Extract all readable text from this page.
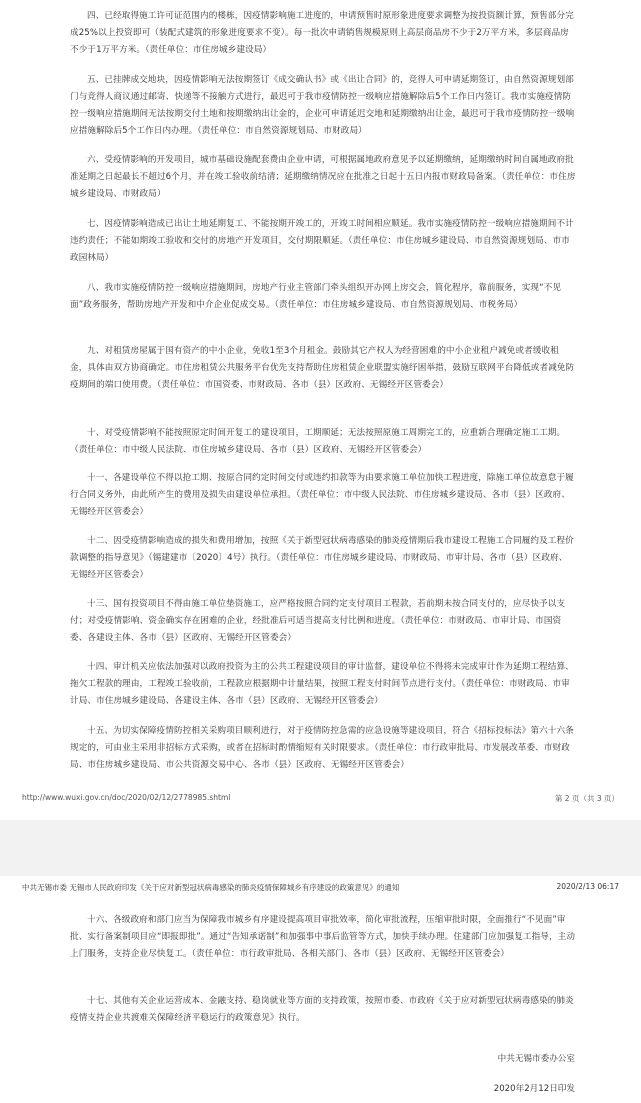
四、已经取得施工许可证范围内的楼栋，因疫情影响施工进度的，申请预售时原形象进度要求调整为按投资额计算，预售部分完成25%以上投资即可（装配式建筑的形象进度要求不变）。每一批次申请销售规模原则上高层商品房不少于2万平方米，多层商品房不少于1万平方米。（责任单位：市住房城乡建设局）
五、已挂牌成交地块，因疫情影响无法按期签订《成交确认书》或《出让合同》的，竞得人可申请延期签订，由自然资源规划部门与竞得人商议通过邮寄、快递等不接触方式进行，最迟可于我市疫情防控一级响应措施解除后5个工作日内签订。我市实施疫情防控一级响应措施期间无法按期交付土地和按期缴纳出让金的，企业可申请延迟交地和延期缴纳出让金，最迟可于我市疫情防控一级响应措施解除后5个工作日内办理。（责任单位：市自然资源规划局、市财政局）
六、受疫情影响的开发项目，城市基础设施配套费由企业申请，可根据属地政府意见予以延期缴纳，延期缴纳时间自属地政府批准延期之日起最长不超过6个月，并在竣工验收前结清；延期缴纳情况应在批准之日起十五日内报市财政局备案。（责任单位：市住房城乡建设局、市财政局）
七、因疫情影响造成已出让土地延期复工、不能按期开竣工的，开竣工时间相应顺延。我市实施疫情防控一级响应措施期间不计违约责任；不能如期竣工验收和交付的房地产开发项目，交付期限顺延。（责任单位：市住房城乡建设局、市自然资源规划局、市市政园林局）
八、我市实施疫情防控一级响应措施期间，房地产行业主管部门牵头组织开办网上房交会，简化程序，靠前服务，实现“不见面”政务服务，帮助房地产开发和中介企业促成交易。（责任单位：市住房城乡建设局、市自然资源规划局、市税务局）
九、对租赁房屋属于国有资产的中小企业，免收1至3个月租金。鼓励其它产权人为经营困难的中小企业租户减免或者缓收租金，具体由双方协商确定。市住房租赁公共服务平台优先支持帮助住房租赁企业联盟实施纾困举措，鼓励互联网平台降低或者减免防疫期间的端口使用费。（责任单位：市国资委、市财政局、各市（县）区政府、无锡经开区管委会）
十、对受疫情影响不能按照原定时间开复工的建设项目，工期顺延；无法按照原施工周期完工的，应重新合理确定施工工期。（责任单位：市中级人民法院、市住房城乡建设局、各市（县）区政府、无锡经开区管委会）
十一、各建设单位不得以抢工期、按原合同约定时间交付或违约扣款等为由要求施工单位加快工程进度，除施工单位故意怠于履行合同义务外，由此所产生的费用及损失由建设单位承担。（责任单位：市中级人民法院、市住房城乡建设局、各市（县）区政府、无锡经开区管委会）
十二、因受疫情影响造成的损失和费用增加，按照《关于新型冠状病毒感染的肺炎疫情期后我市建设工程施工合同履约及工程价款调整的指导意见》（锡建建市〔2020〕4号）执行。（责任单位：市住房城乡建设局、市财政局、市审计局、各市（县）区政府、无锡经开区管委会）
十三、国有投资项目不得由施工单位垫资施工，应严格按照合同约定支付项目工程款，若前期未按合同支付的，应尽快予以支付；对受疫情影响、资金确实存在困难的企业，经批准后可适当提高支付比例和进度。（责任单位：市财政局、市审计局、市国资委、各建设主体、各市（县）区政府、无锡经开区管委会）
十四、审计机关应依法加强对以政府投资为主的公共工程建设项目的审计监督，建设单位不得将未完成审计作为延期工程结算、拖欠工程款的理由，工程竣工验收前，工程款应根据期中计量结果，按照工程支付时间节点进行支付。（责任单位：市财政局、市审计局、市住房城乡建设局、各建设主体、各市（县）区政府、无锡经开区管委会）
十五、为切实保障疫情防控相关采购项目顺利进行，对于疫情防控急需的应急设施等建设项目，符合《招标投标法》第六十六条规定的，可由业主采用非招标方式采购，或者在招标时酌情缩短有关时限要求。（责任单位：市行政审批局、市发展改革委、市财政局、市住房城乡建设局、市公共资源交易中心、各市（县）区政府、无锡经开区管委会）
http://www.wuxi.gov.cn/doc/2020/02/12/2778985.shtml	第 2 页（共 3 页）
中共无锡市委 无锡市人民政府印发《关于应对新型冠状病毒感染的肺炎疫情保障城乡有序建设的政策意见》的通知	2020/2/13 06:17
十六、各级政府和部门应当为保障我市城乡有序建设提高项目审批效率，简化审批流程，压缩审批时限，全面推行“不见面”审批、实行备案制项目应“即报即批”。通过“告知承诺制”和加强事中事后监管等方式，加快手续办理。住建部门应加强复工指导，主动上门服务，支持企业尽快复工。（责任单位：市行政审批局、各相关部门、各市（县）区政府、无锡经开区管委会）
十七、其他有关企业运营成本、金融支持、稳岗就业等方面的支持政策，按照市委、市政府《关于应对新型冠状病毒感染的肺炎疫情支持企业共渡难关保障经济平稳运行的政策意见》执行。
中共无锡市委办公室
2020年2月12日印发
